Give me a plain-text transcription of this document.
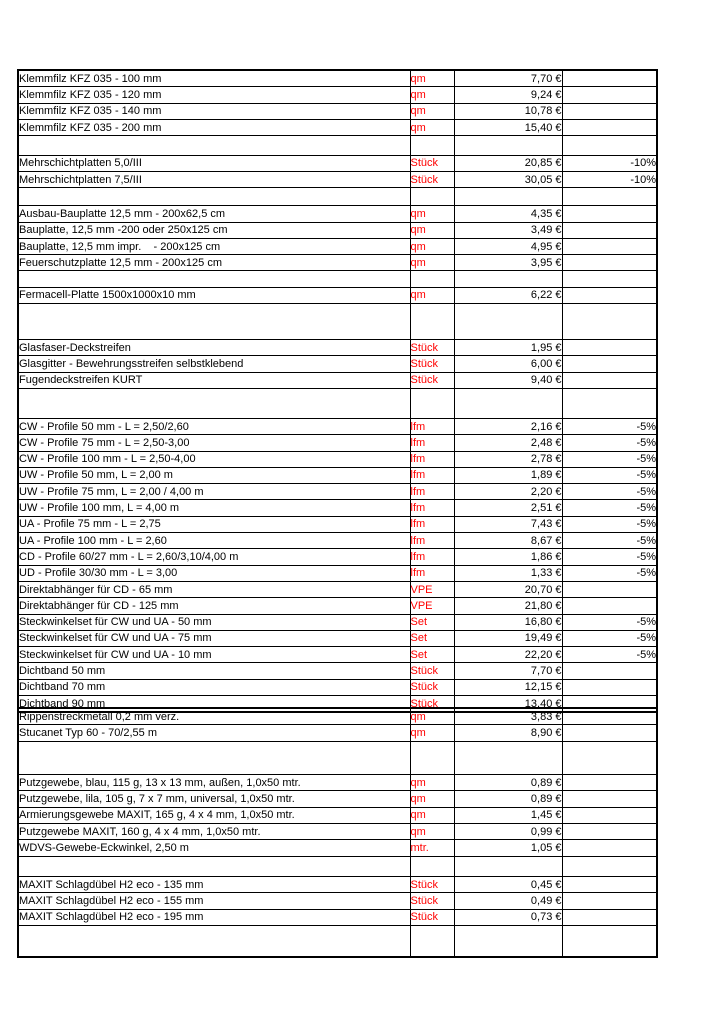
Klemmfilz KFZ 035 - 100 mm	qm	7,70 €	
Klemmfilz KFZ 035 - 120 mm	qm	9,24 €	
Klemmfilz KFZ 035 - 140 mm	qm	10,78 €	
Klemmfilz KFZ 035 - 200 mm	qm	15,40 €	

Mehrschichtplatten 5,0/III	Stück	20,85 €	-10%
Mehrschichtplatten 7,5/III	Stück	30,05 €	-10%

Ausbau-Bauplatte 12,5 mm - 200x62,5 cm	qm	4,35 €	
Bauplatte, 12,5 mm -200 oder 250x125 cm	qm	3,49 €	
Bauplatte, 12,5 mm impr.    - 200x125 cm	qm	4,95 €	
Feuerschutzplatte 12,5 mm - 200x125 cm	qm	3,95 €	

Fermacell-Platte 1500x1000x10 mm	qm	6,22 €	

Glasfaser-Deckstreifen	Stück	1,95 €	
Glasgitter - Bewehrungsstreifen selbstklebend	Stück	6,00 €	
Fugendeckstreifen KURT	Stück	9,40 €	

CW - Profile 50 mm - L = 2,50/2,60	lfm	2,16 €	-5%
CW - Profile 75 mm - L = 2,50-3,00	lfm	2,48 €	-5%
CW - Profile 100 mm - L = 2,50-4,00	lfm	2,78 €	-5%
UW - Profile 50 mm, L = 2,00 m	lfm	1,89 €	-5%
UW - Profile 75 mm, L = 2,00 / 4,00 m	lfm	2,20 €	-5%
UW - Profile 100 mm, L = 4,00 m	lfm	2,51 €	-5%
UA - Profile 75 mm - L = 2,75	lfm	7,43 €	-5%
UA - Profile 100 mm - L = 2,60	lfm	8,67 €	-5%
CD - Profile 60/27 mm - L = 2,60/3,10/4,00 m	lfm	1,86 €	-5%
UD - Profile 30/30 mm - L = 3,00	lfm	1,33 €	-5%
Direktabhänger für CD - 65 mm	VPE	20,70 €	
Direktabhänger für CD - 125 mm	VPE	21,80 €	
Steckwinkelset für CW und UA - 50 mm	Set	16,80 €	-5%
Steckwinkelset für CW und UA - 75 mm	Set	19,49 €	-5%
Steckwinkelset für CW und UA - 10 mm	Set	22,20 €	-5%
Dichtband 50 mm	Stück	7,70 €	
Dichtband 70 mm	Stück	12,15 €	
Dichtband 90 mm	Stück	13,40 €	
Rippenstreckmetall 0,2 mm verz.	qm	3,83 €	
Stucanet Typ 60 - 70/2,55 m	qm	8,90 €	

Putzgewebe, blau, 115 g, 13 x 13 mm, außen, 1,0x50 mtr.	qm	0,89 €	
Putzgewebe, lila, 105 g, 7 x 7 mm, universal, 1,0x50 mtr.	qm	0,89 €	
Armierungsgewebe MAXIT, 165 g, 4 x 4 mm, 1,0x50 mtr.	qm	1,45 €	
Putzgewebe MAXIT, 160 g, 4 x 4 mm, 1,0x50 mtr.	qm	0,99 €	
WDVS-Gewebe-Eckwinkel, 2,50 m	mtr.	1,05 €	

MAXIT Schlagdübel H2 eco - 135 mm	Stück	0,45 €	
MAXIT Schlagdübel H2 eco - 155 mm	Stück	0,49 €	
MAXIT Schlagdübel H2 eco - 195 mm	Stück	0,73 €	
